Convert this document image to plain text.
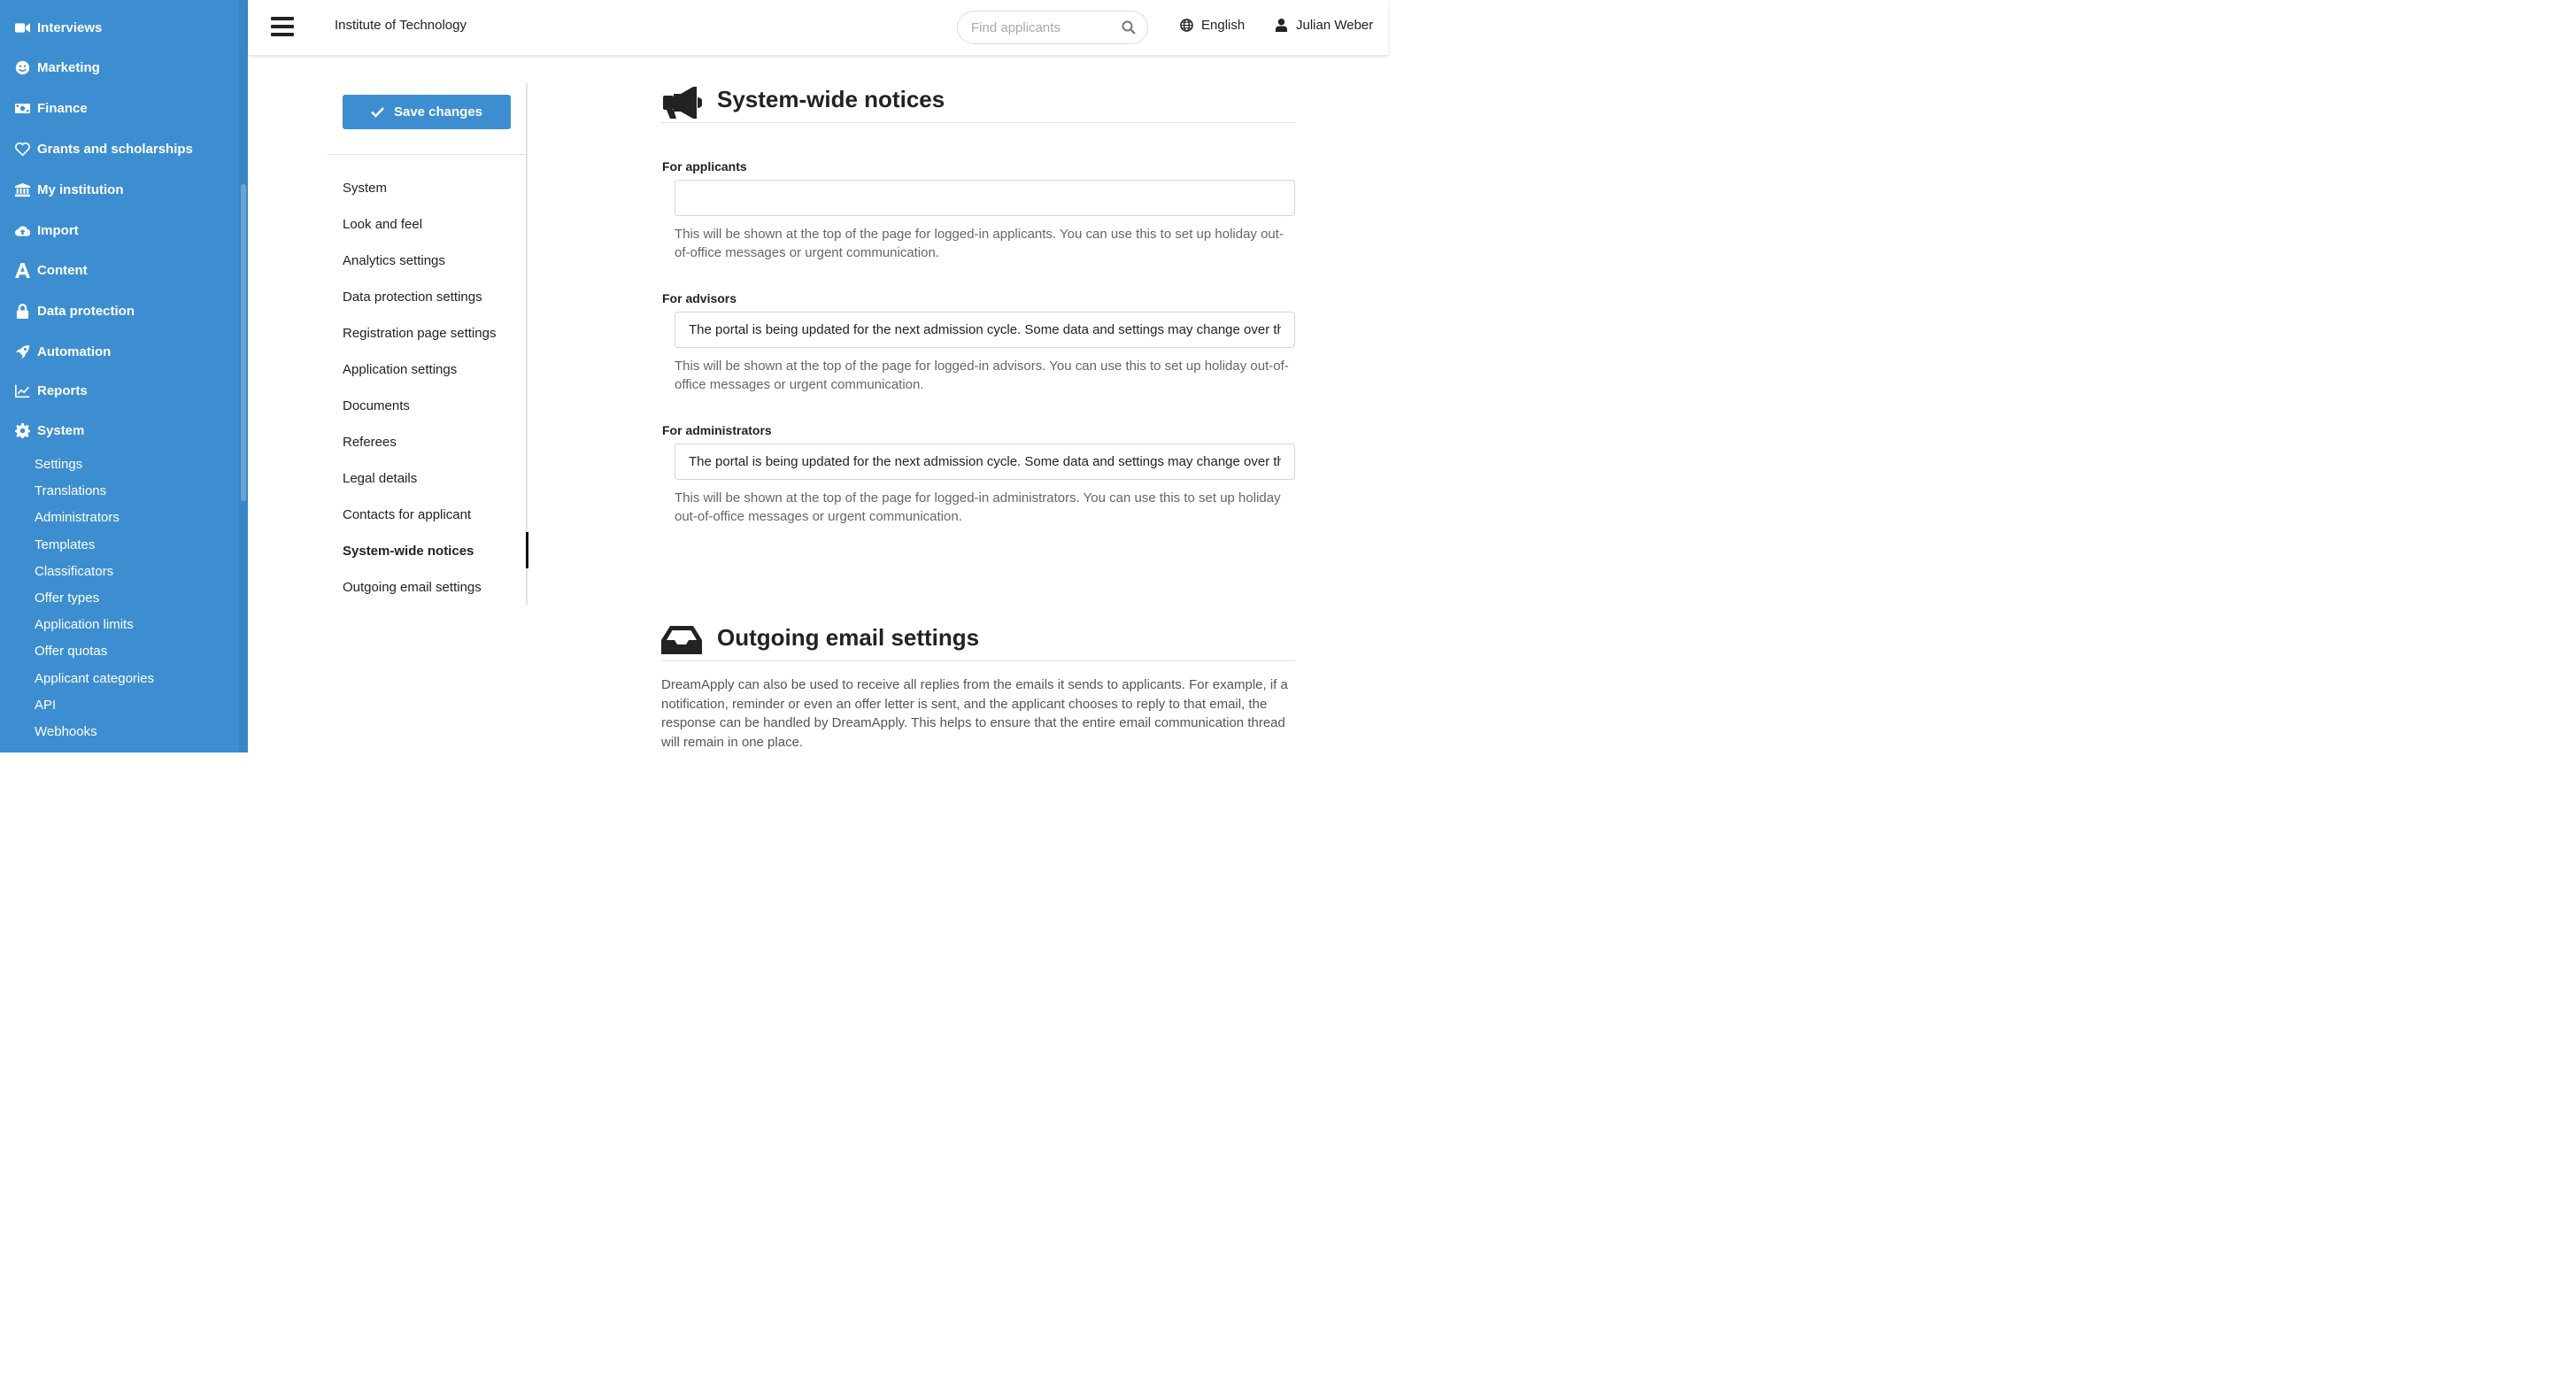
Interviews
Marketing
Finance
Grants and scholarships
My institution
Import
Content
Data protection
Automation
Reports
System
Settings
Translations
Administrators
Templates
Classificators
Offer types
Application limits
Offer quotas
Applicant categories
API
Webhooks
Institute of Technology
Find applicants	English	Julian Weber
Save changes
System
Look and feel
Analytics settings
Data protection settings
Registration page settings
Application settings
Documents
Referees
Legal details
Contacts for applicant
System-wide notices
Outgoing email settings
System-wide notices
For applicants
This will be shown at the top of the page for logged-in applicants. You can use this to set up holiday out-of-office messages or urgent communication.
For advisors
The portal is being updated for the next admission cycle. Some data and settings may change over the
This will be shown at the top of the page for logged-in advisors. You can use this to set up holiday out-of-office messages or urgent communication.
For administrators
The portal is being updated for the next admission cycle. Some data and settings may change over the
This will be shown at the top of the page for logged-in administrators. You can use this to set up holiday out-of-office messages or urgent communication.
Outgoing email settings
DreamApply can also be used to receive all replies from the emails it sends to applicants. For example, if a notification, reminder or even an offer letter is sent, and the applicant chooses to reply to that email, the response can be handled by DreamApply. This helps to ensure that the entire email communication thread will remain in one place.
